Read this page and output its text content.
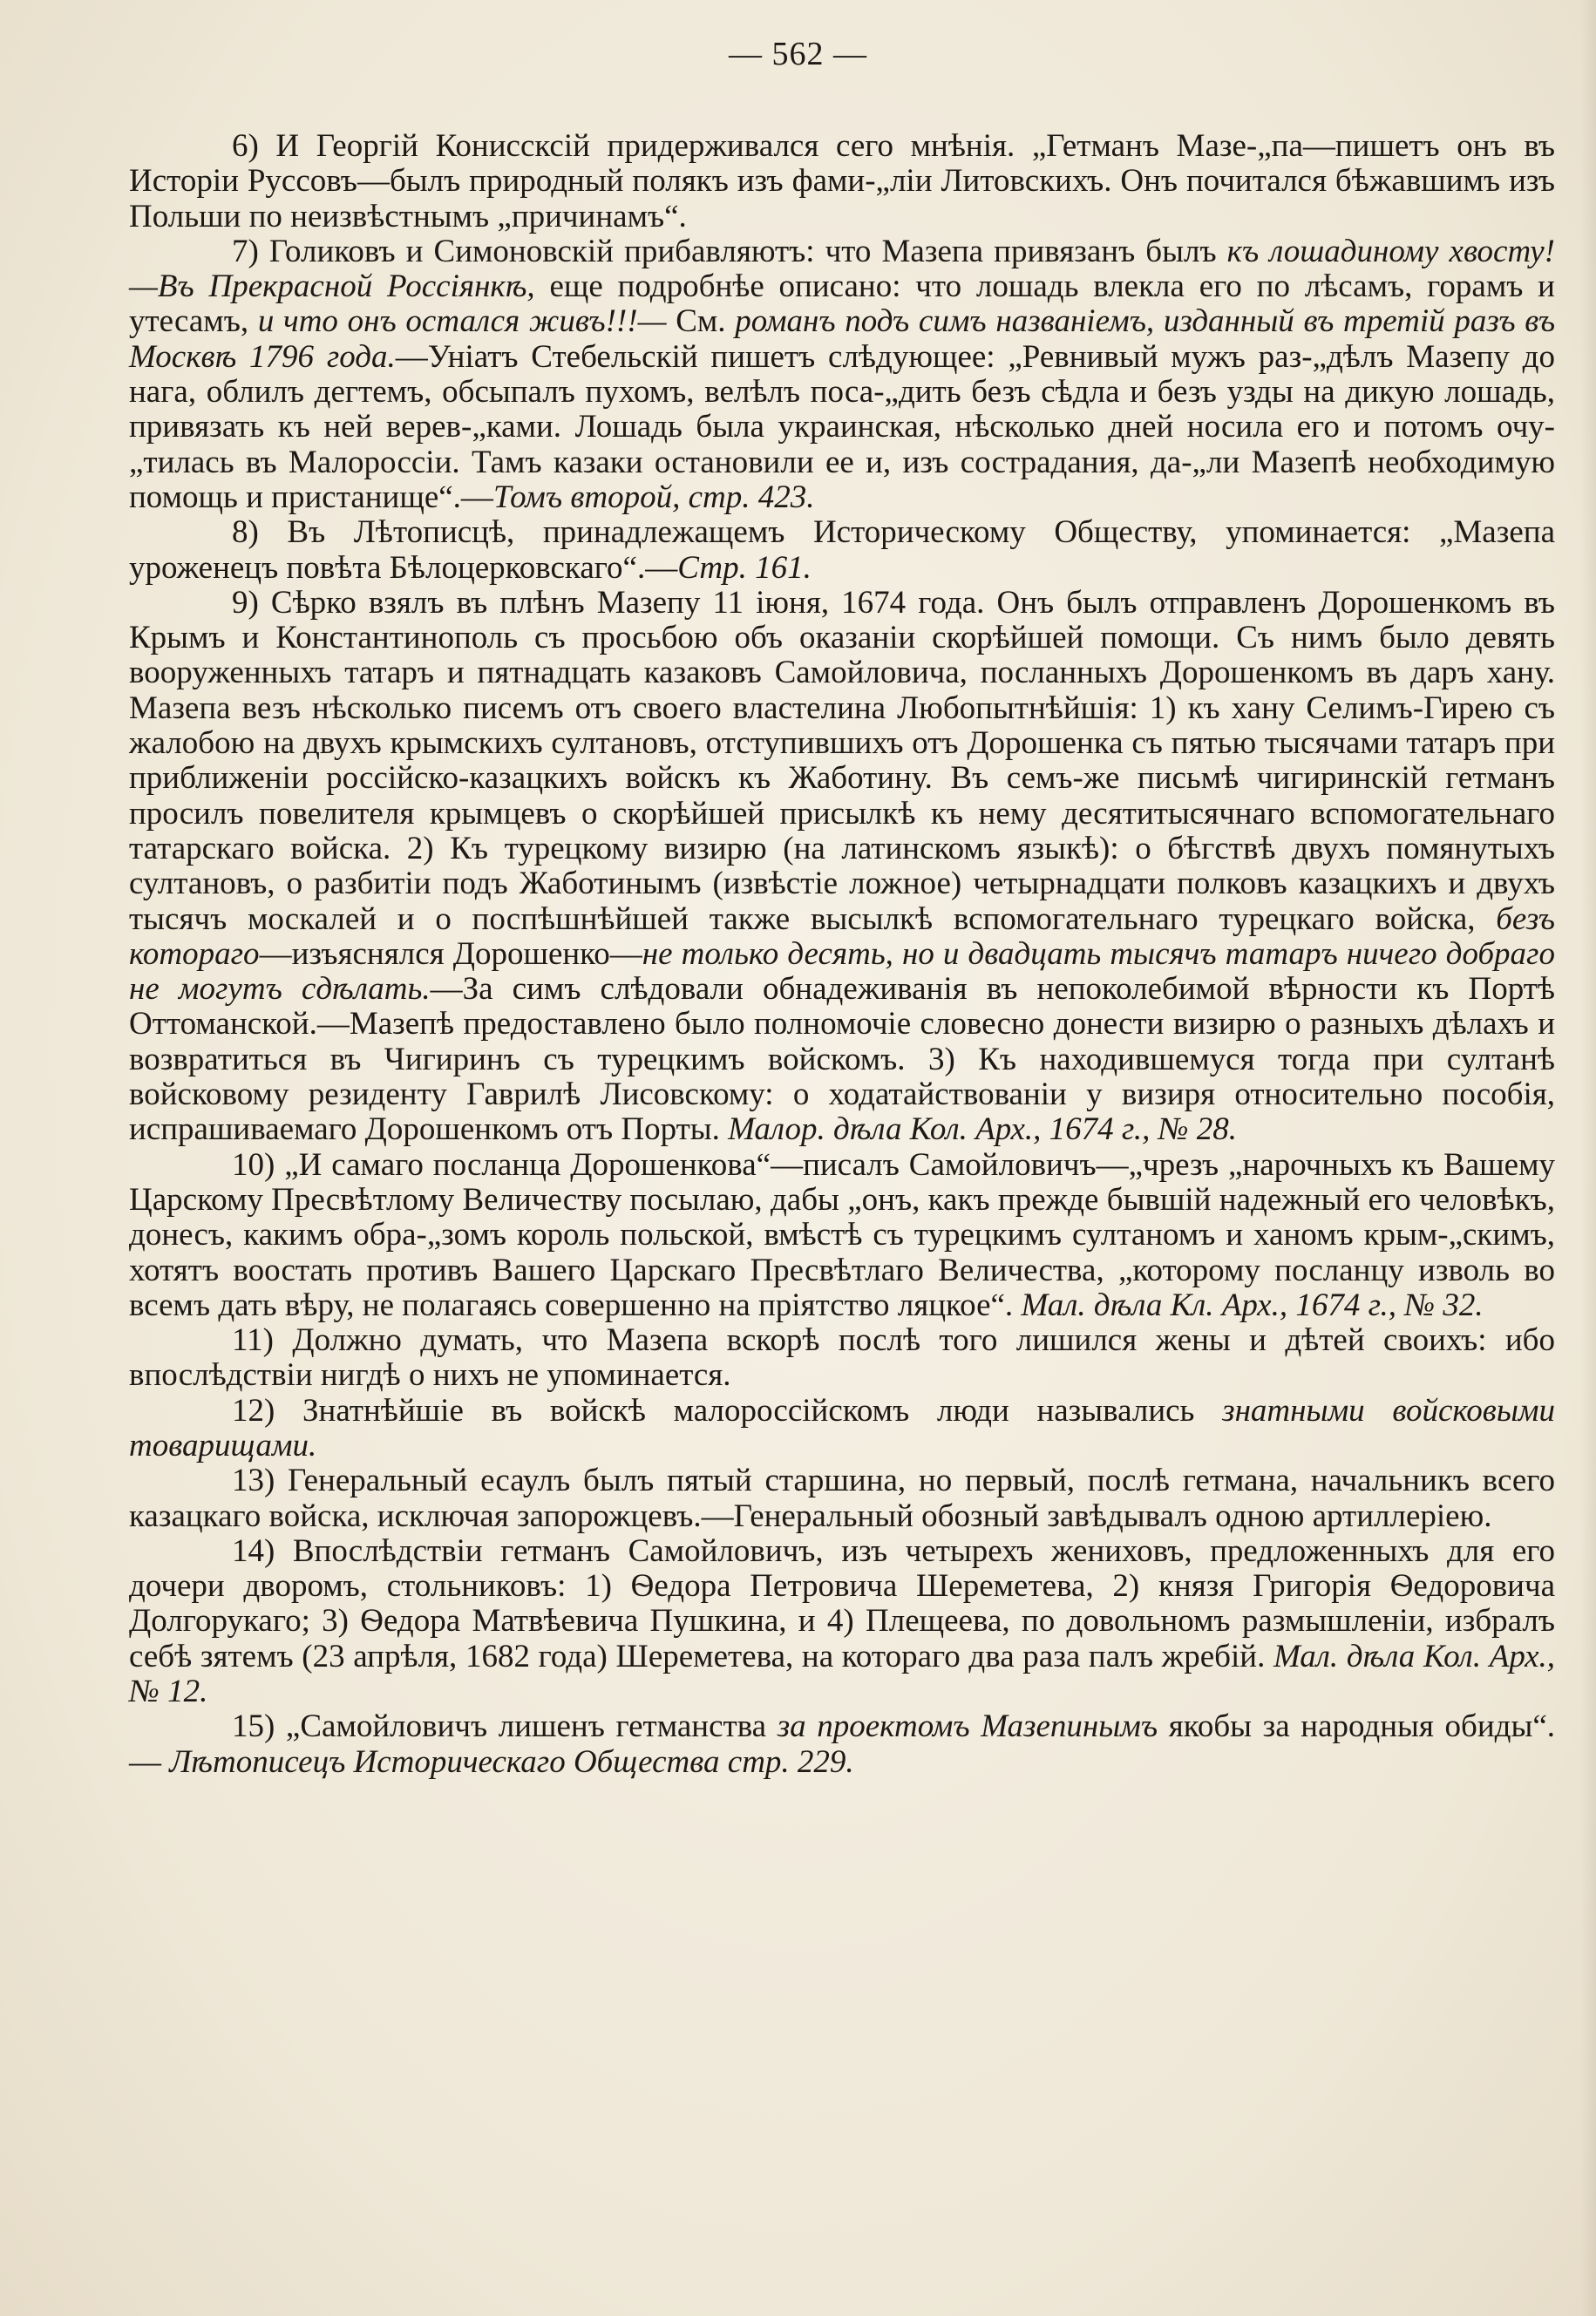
— 562 —

6) И Георгій Кониссксій придерживался сего мнѣнія. „Гетманъ Мазе-„па—пишетъ онъ въ Исторіи Руссовъ—былъ природный полякъ изъ фами-„ліи Литовскихъ. Онъ почитался бѣжавшимъ изъ Польши по неизвѣстнымъ „причинамъ“.

7) Голиковъ и Симоновскій прибавляютъ: что Мазепа привязанъ былъ къ лошадиному хвосту! —Въ Прекрасной Россіянкѣ, еще подробнѣе описано: что лошадь влекла его по лѣсамъ, горамъ и утесамъ, и что онъ остался живъ!!!— См. романъ подъ симъ названіемъ, изданный въ третій разъ въ Москвѣ 1796 года.—Уніатъ Стебельскій пишетъ слѣдующее: „Ревнивый мужъ раз-„дѣлъ Мазепу до нага, облилъ дегтемъ, обсыпалъ пухомъ, велѣлъ поса-„дить безъ сѣдла и безъ узды на дикую лошадь, привязать къ ней верев-„ками. Лошадь была украинская, нѣсколько дней носила его и потомъ очу-„тилась въ Малороссіи. Тамъ казаки остановили ее и, изъ сострадания, да-„ли Мазепѣ необходимую помощь и пристанище“.—Томъ второй, стр. 423.

8) Въ Лѣтописцѣ, принадлежащемъ Историческому Обществу, упоминается: „Мазепа уроженецъ повѣта Бѣлоцерковскаго“.—Стр. 161.

9) Сѣрко взялъ въ плѣнъ Мазепу 11 іюня, 1674 года. Онъ былъ отправленъ Дорошенкомъ въ Крымъ и Константинополь съ просьбою объ оказаніи скорѣйшей помощи. Съ нимъ было девять вооруженныхъ татаръ и пятнадцать казаковъ Самойловича, посланныхъ Дорошенкомъ въ даръ хану. Мазепа везъ нѣсколько писемъ отъ своего властелина Любопытнѣйшія: 1) къ хану Селимъ-Гирею съ жалобою на двухъ крымскихъ султановъ, отступившихъ отъ Дорошенка съ пятью тысячами татаръ при приближеніи россійско-казацкихъ войскъ къ Жаботину. Въ семъ-же письмѣ чигиринскій гетманъ просилъ повелителя крымцевъ о скорѣйшей присылкѣ къ нему десятитысячнаго вспомогательнаго татарскаго войска. 2) Къ турецкому визирю (на латинскомъ языкѣ): о бѣгствѣ двухъ помянутыхъ султановъ, о разбитіи подъ Жаботинымъ (извѣстіе ложное) четырнадцати полковъ казацкихъ и двухъ тысячъ москалей и о поспѣшнѣйшей также высылкѣ вспомогательнаго турецкаго войска, безъ котораго—изъяснялся Дорошенко—не только десять, но и двадцать тысячъ татаръ ничего добраго не могутъ сдѣлать.—За симъ слѣдовали обнадеживанія въ непоколебимой вѣрности къ Портѣ Оттоманской.—Мазепѣ предоставлено было полномочіе словесно донести визирю о разныхъ дѣлахъ и возвратиться въ Чигиринъ съ турецкимъ войскомъ. 3) Къ находившемуся тогда при султанѣ войсковому резиденту Гаврилѣ Лисовскому: о ходатайствованіи у визиря относительно пособія, испрашиваемаго Дорошенкомъ отъ Порты. Малор. дѣла Кол. Арх., 1674 г., № 28.

10) „И самаго посланца Дорошенкова“—писалъ Самойловичъ—„чрезъ „нарочныхъ къ Вашему Царскому Пресвѣтлому Величеству посылаю, дабы „онъ, какъ прежде бывшій надежный его человѣкъ, донесъ, какимъ обра-„зомъ король польской, вмѣстѣ съ турецкимъ султаномъ и ханомъ крым-„скимъ, хотятъ воостать противъ Вашего Царскаго Пресвѣтлаго Величества, „которому посланцу изволь во всемъ дать вѣру, не полагаясь совершенно на пріятство ляцкое“. Мал. дѣла Кл. Арх., 1674 г., № 32.

11) Должно думать, что Мазепа вскорѣ послѣ того лишился жены и дѣтей своихъ: ибо впослѣдствіи нигдѣ о нихъ не упоминается.

12) Знатнѣйшіе въ войскѣ малороссійскомъ люди назывались знатными войсковыми товарищами.

13) Генеральный есаулъ былъ пятый старшина, но первый, послѣ гетмана, начальникъ всего казацкаго войска, исключая запорожцевъ.—Генеральный обозный завѣдывалъ одною артиллеріею.

14) Впослѣдствіи гетманъ Самойловичъ, изъ четырехъ жениховъ, предложенныхъ для его дочери дворомъ, стольниковъ: 1) Ѳедора Петровича Шереметева, 2) князя Григорія Ѳедоровича Долгорукаго; 3) Ѳедора Матвѣевича Пушкина, и 4) Плещеева, по довольномъ размышленіи, избралъ себѣ зятемъ (23 апрѣля, 1682 года) Шереметева, на котораго два раза палъ жребій. Мал. дѣла Кол. Арх., № 12.

15) „Самойловичъ лишенъ гетманства за проектомъ Мазепинымъ якобы за народныя обиды“. — Лѣтописецъ Историческаго Общества стр. 229.
